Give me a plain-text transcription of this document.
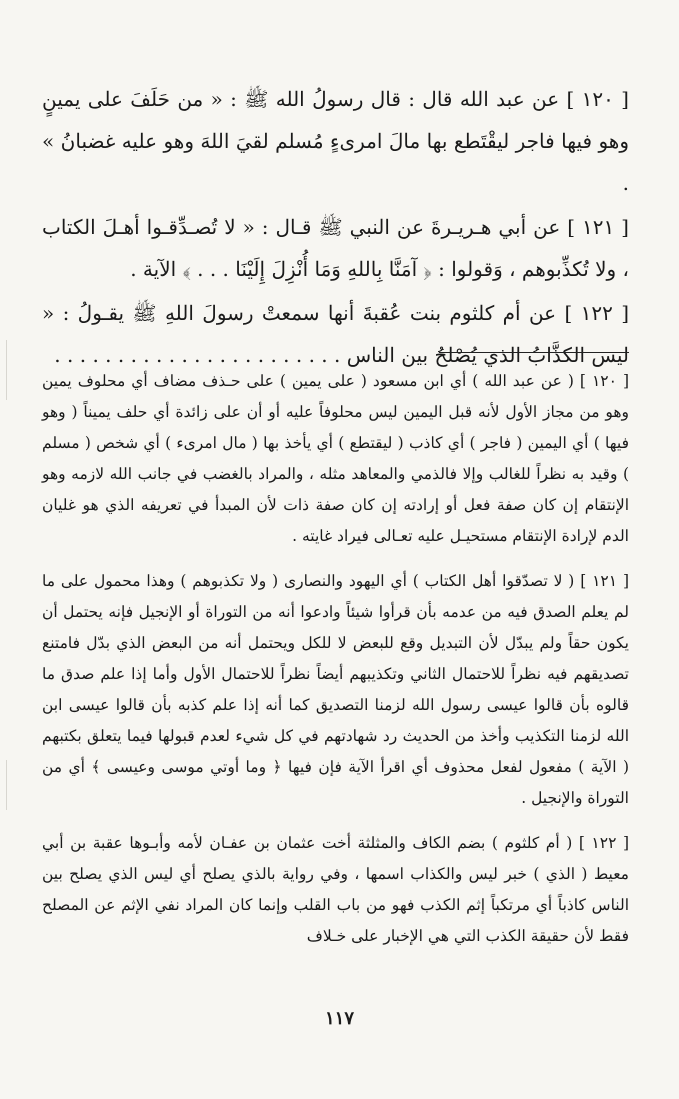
[ ١٢٠ ] عن عبد الله قال : قال رسولُ الله ﷺ : « من حَلَفَ على يمينٍ وهو فيها فاجر ليقْتَطع بها مالَ امرىءٍ مُسلم لقيَ اللهَ وهو عليه غضبانُ » .

[ ١٢١ ] عن أبي هـريـرةَ عن النبي ﷺ قـال : « لا تُصـدِّقـوا أهـلَ الكتاب ، ولا تُكذِّبوهم ، وَقولوا : ﴿ آمَنَّا بِاللهِ وَمَا أُنْزِلَ إِلَيْنَا . . . ﴾ الآية .

[ ١٢٢ ] عن أم كلثوم بنت عُقبةَ أنها سمعتْ رسولَ اللهِ ﷺ يقـولُ : « ليس الكذَّابُ الذي يُصْلحُ بين الناس . . . . . . . . . . . . . . . . . . . . . . .

[ ١٢٠ ] ( عن عبد الله ) أي ابن مسعود ( على يمين ) على حـذف مضاف أي محلوف يمين وهو من مجاز الأول لأنه قبل اليمين ليس محلوفاً عليه أو أن على زائدة أي حلف يميناً ( وهو فيها ) أي اليمين ( فاجر ) أي كاذب ( ليقتطع ) أي يأخذ بها ( مال امرىء ) أي شخص ( مسلم ) وقيد به نظراً للغالب وإلا فالذمي والمعاهد مثله ، والمراد بالغضب في جانب الله لازمه وهو الإنتقام إن كان صفة فعل أو إرادته إن كان صفة ذات لأن المبدأ في تعريفه الذي هو غليان الدم لإرادة الإنتقام مستحيـل عليه تعـالى فيراد غايته .

[ ١٢١ ] ( لا تصدّقوا أهل الكتاب ) أي اليهود والنصارى ( ولا تكذبوهم ) وهذا محمول على ما لم يعلم الصدق فيه من عدمه بأن قرأوا شيئاً وادعوا أنه من التوراة أو الإنجيل فإنه يحتمل أن يكون حقاً ولم يبدّل لأن التبديل وقع للبعض لا للكل ويحتمل أنه من البعض الذي بدّل فامتنع تصديقهم فيه نظراً للاحتمال الثاني وتكذيبهم أيضاً نظراً للاحتمال الأول وأما إذا علم صدق ما قالوه بأن قالوا عيسى رسول الله لزمنا التصديق كما أنه إذا علم كذبه بأن قالوا عيسى ابن الله لزمنا التكذيب وأخذ من الحديث رد شهادتهم في كل شيء لعدم قبولها فيما يتعلق بكتبهم ( الآية ) مفعول لفعل محذوف أي اقرأ الآية فإن فيها ﴿ وما أوتي موسى وعيسى ﴾ أي من التوراة والإنجيل .

[ ١٢٢ ] ( أم كلثوم ) بضم الكاف والمثلثة أخت عثمان بن عفـان لأمه وأبـوها عقبة بن أبي معيط ( الذي ) خبر ليس والكذاب اسمها ، وفي رواية بالذي يصلح أي ليس الذي يصلح بين الناس كاذباً أي مرتكباً إثم الكذب فهو من باب القلب وإنما كان المراد نفي الإثم عن المصلح فقط لأن حقيقة الكذب التي هي الإخبار على خـلاف

١١٧
